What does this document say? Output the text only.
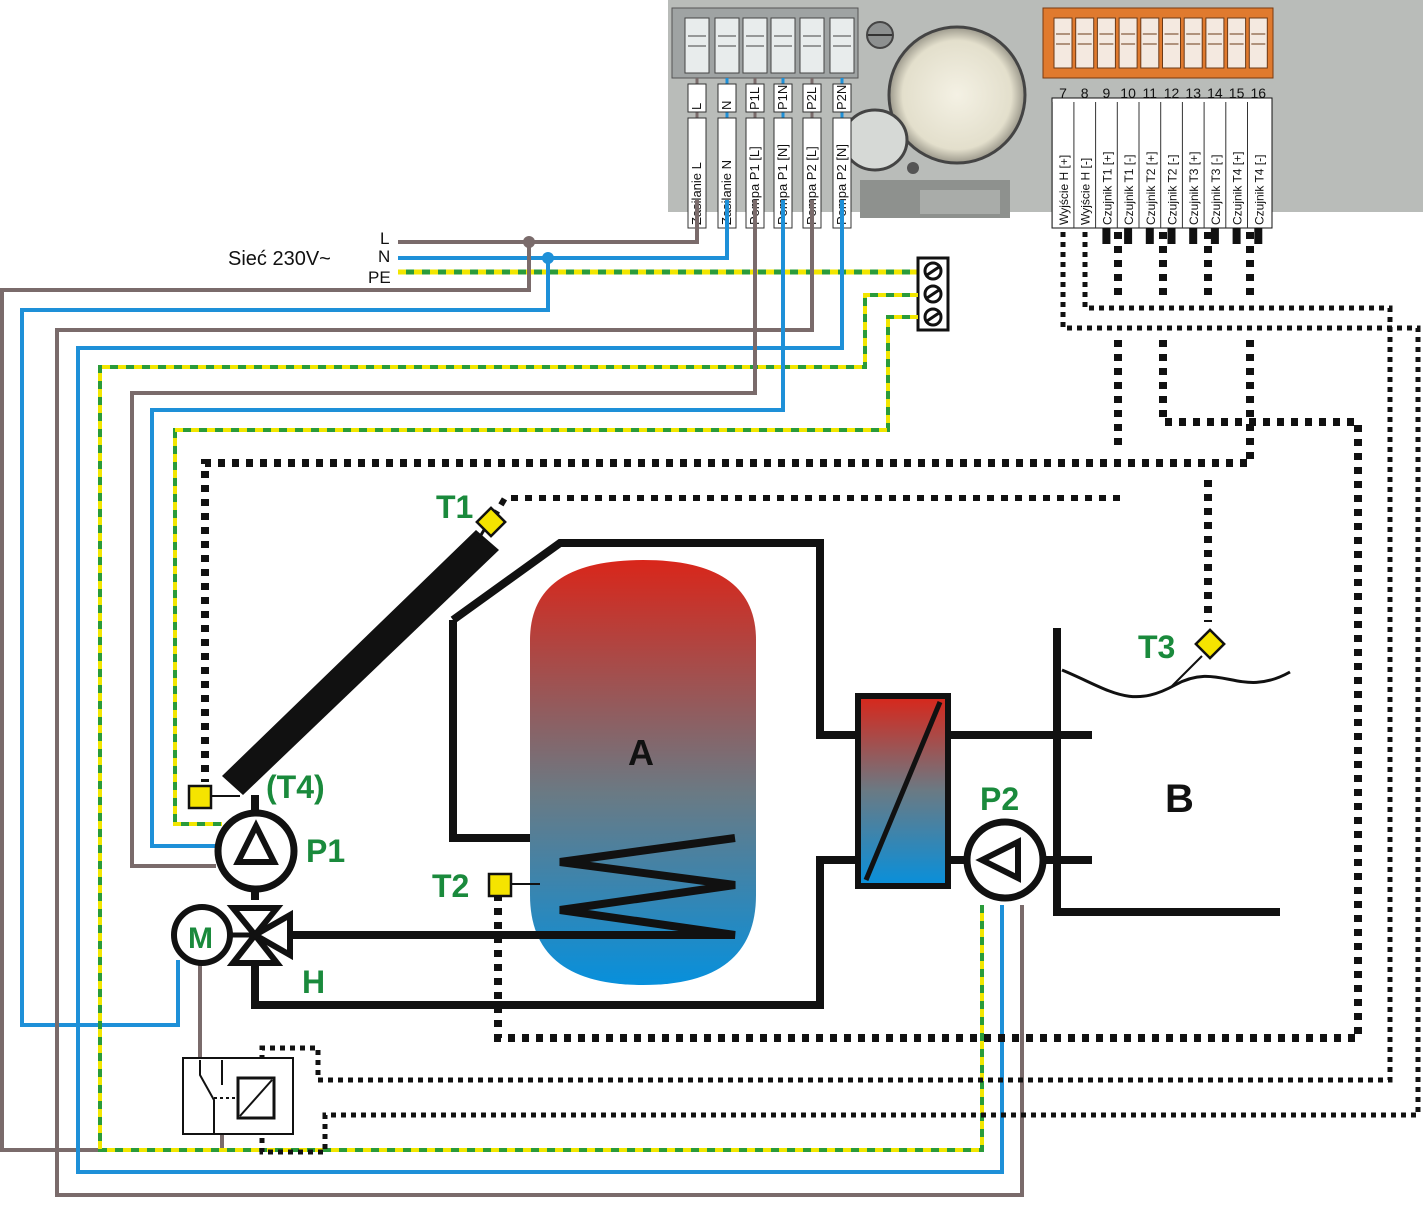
L
Zasilanie L
N
Zasilanie N
P1L
Pompa P1 [L]
P1N
Pompa P1 [N]
P2L
Pompa P2 [L]
P2N
Pompa P2 [N]
7
Wyjście H [+]
8
Wyjście H [-]
9
Czujnik T1 [+]
10
Czujnik T1 [-]
11
Czujnik T2 [+]
12
Czujnik T2 [-]
13
Czujnik T3 [+]
14
Czujnik T3 [-]
15
Czujnik T4 [+]
16
Czujnik T4 [-]
Sieć 230V~
L
N
PE
A
B
P1
P2
H
M
T1
T2
T3
(T4)
